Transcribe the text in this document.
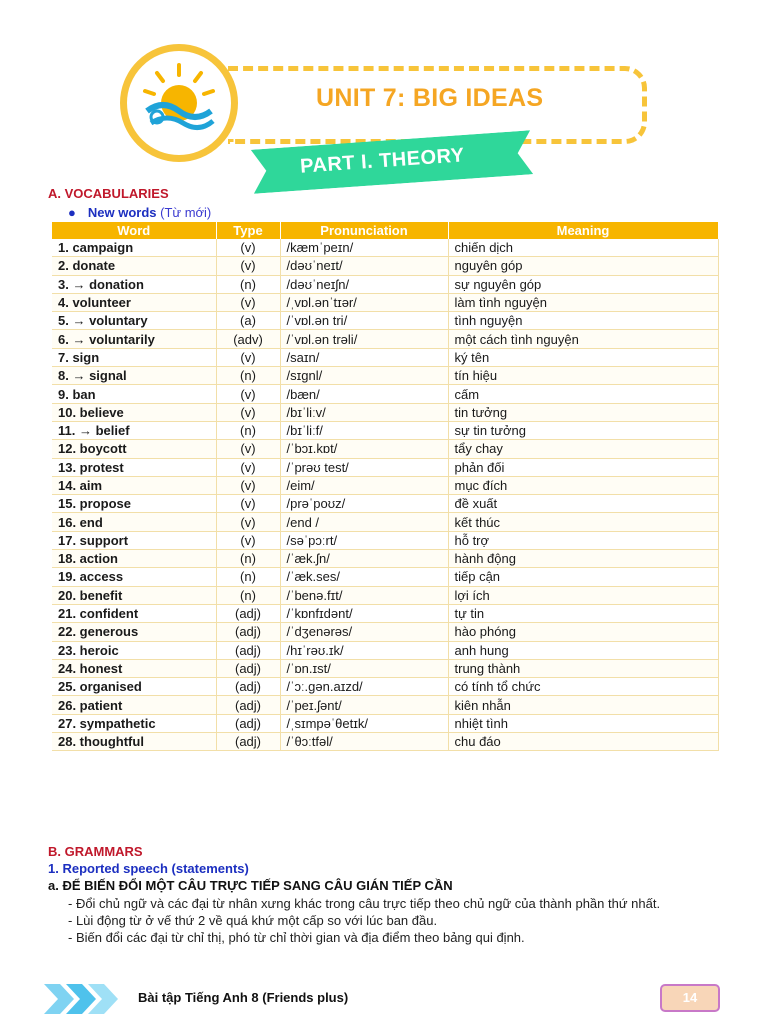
UNIT 7: BIG IDEAS
PART I. THEORY
A. VOCABULARIES
● New words (Từ mới)
Word	Type	Pronunciation	Meaning
1. campaign	(v)	/kæmˈpeɪn/	chiến dịch
2. donate	(v)	/dəʊˈneɪt/	nguyên góp
3. → donation	(n)	/dəʊˈneɪʃn/	sự nguyên góp
4. volunteer	(v)	/ˌvɒl.ənˈtɪər/	làm tình nguyện
5. → voluntary	(a)	/ˈvɒl.ən tri/	tình nguyện
6. → voluntarily	(adv)	/ˈvɒl.ən trəli/	một cách tình nguyện
7. sign	(v)	/saɪn/	ký tên
8. → signal	(n)	/sɪgnl/	tín hiệu
9. ban	(v)	/bæn/	cấm
10. believe	(v)	/bɪˈliːv/	tin tưởng
11. → belief	(n)	/bɪˈliːf/	sự tin tưởng
12. boycott	(v)	/ˈbɔɪ.kɒt/	tẩy chay
13. protest	(v)	/ˈprəʊ test/	phản đối
14. aim	(v)	/eim/	mục đích
15. propose	(v)	/prəˈpoʊz/	đề xuất
16. end	(v)	/end /	kết thúc
17. support	(v)	/səˈpɔːrt/	hỗ trợ
18. action	(n)	/ˈæk.ʃn/	hành động
19. access	(n)	/ˈæk.ses/	tiếp cận
20. benefit	(n)	/ˈbenə.fɪt/	lợi ích
21. confident	(adj)	/ˈkɒnfɪdənt/	tự tin
22. generous	(adj)	/ˈdʒenərəs/	hào phóng
23. heroic	(adj)	/hɪˈrəʊ.ɪk/	anh hung
24. honest	(adj)	/ˈɒn.ɪst/	trung thành
25. organised	(adj)	/ˈɔː.gən.aɪzd/	có tính tổ chức
26. patient	(adj)	/ˈpeɪ.ʃənt/	kiên nhẫn
27. sympathetic	(adj)	/ˌsɪmpəˈθetɪk/	nhiệt tình
28. thoughtful	(adj)	/ˈθɔːtfəl/	chu đáo
B. GRAMMARS
1. Reported speech (statements)
a. ĐỂ BIẾN ĐỔI MỘT CÂU TRỰC TIẾP SANG CÂU GIÁN TIẾP CẦN
- Đổi chủ ngữ và các đại từ nhân xưng khác trong câu trực tiếp theo chủ ngữ của thành phần thứ nhất.
- Lùi động từ ở vế thứ 2 về quá khứ một cấp so với lúc ban đầu.
- Biến đổi các đại từ chỉ thị, phó từ chỉ thời gian và địa điểm theo bảng qui định.
Bài tập Tiếng Anh 8 (Friends plus)	14
